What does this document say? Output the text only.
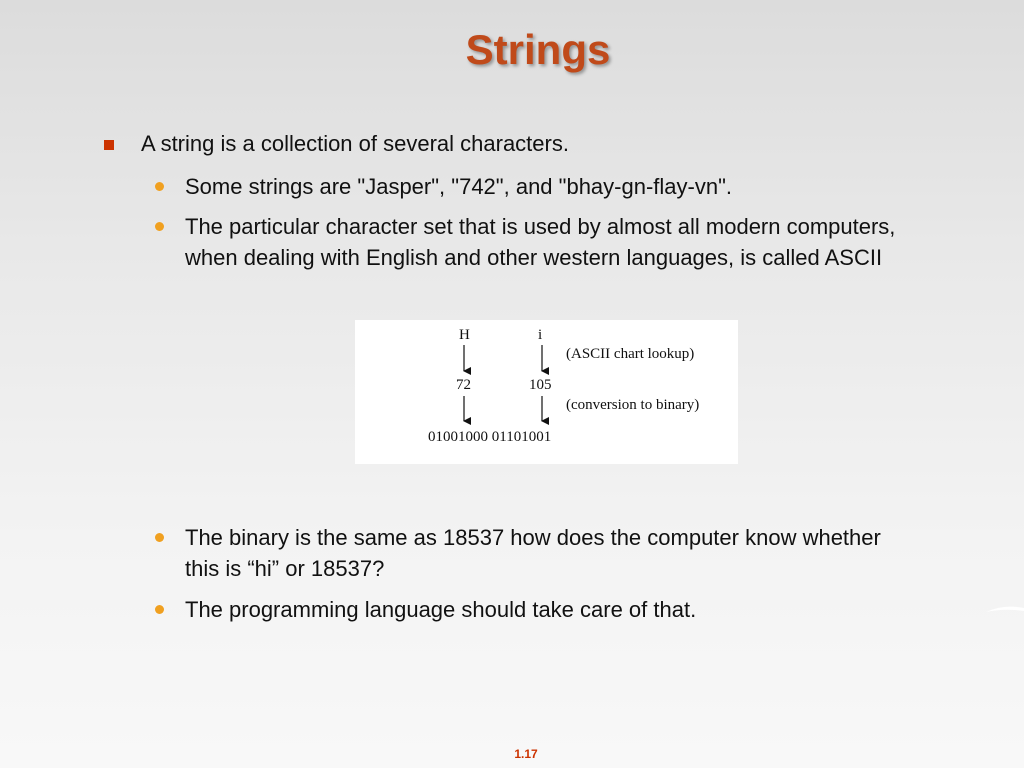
Strings
A string is a collection of several characters.
Some strings are "Jasper", "742", and "bhay-gn-flay-vn".
The particular character set that is used by almost all modern computers, when dealing with English and other western languages, is called ASCII
H	i
(ASCII chart lookup)
72	105
(conversion to binary)
01001000 01101001
The binary is the same as 18537 how does the computer know whether this is “hi” or 18537?
The programming language should take care of that.
1.17
